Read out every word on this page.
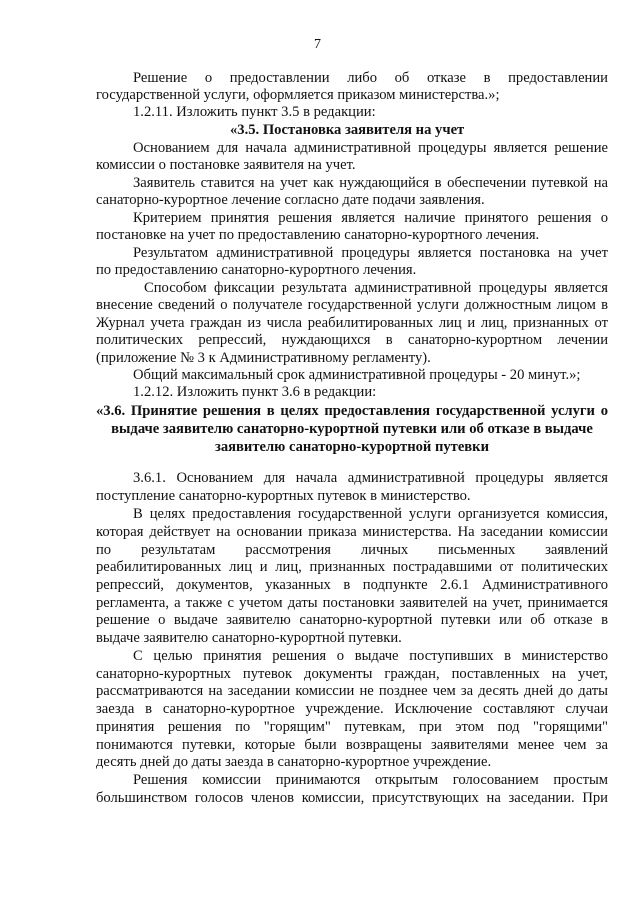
7
Решение о предоставлении либо об отказе в предоставлении
государственной услуги, оформляется приказом министерства.»;
1.2.11. Изложить пункт 3.5 в редакции:
«3.5. Постановка заявителя на учет
Основанием для начала административной процедуры является решение
комиссии о постановке заявителя на учет.
Заявитель ставится на учет как нуждающийся в обеспечении путевкой на
санаторно-курортное лечение согласно дате подачи заявления.
Критерием принятия решения является наличие принятого решения о
постановке на учет по предоставлению санаторно-курортного лечения.
Результатом административной процедуры является постановка на учет
по предоставлению санаторно-курортного лечения.
Способом фиксации результата административной процедуры является
внесение сведений о получателе государственной услуги должностным лицом в
Журнал учета граждан из числа реабилитированных лиц и лиц, признанных от
политических репрессий, нуждающихся в санаторно-курортном лечении
(приложение № 3 к Административному регламенту).
Общий максимальный срок административной процедуры - 20 минут.»;
1.2.12. Изложить пункт 3.6 в редакции:
«3.6. Принятие решения в целях предоставления государственной услуги о
выдаче заявителю санаторно-курортной путевки или об отказе в выдаче
заявителю санаторно-курортной путевки
3.6.1. Основанием для начала административной процедуры является
поступление санаторно-курортных путевок в министерство.
В целях предоставления государственной услуги организуется комиссия,
которая действует на основании приказа министерства. На заседании комиссии
по результатам рассмотрения личных письменных заявлений
реабилитированных лиц и лиц, признанных пострадавшими от политических
репрессий, документов, указанных в подпункте 2.6.1 Административного
регламента, а также с учетом даты постановки заявителей на учет, принимается
решение о выдаче заявителю санаторно-курортной путевки или об отказе в
выдаче заявителю санаторно-курортной путевки.
С целью принятия решения о выдаче поступивших в министерство
санаторно-курортных путевок документы граждан, поставленных на учет,
рассматриваются на заседании комиссии не позднее чем за десять дней до даты
заезда в санаторно-курортное учреждение. Исключение составляют случаи
принятия решения по "горящим" путевкам, при этом под "горящими"
понимаются путевки, которые были возвращены заявителями менее чем за
десять дней до даты заезда в санаторно-курортное учреждение.
Решения комиссии принимаются открытым голосованием простым
большинством голосов членов комиссии, присутствующих на заседании. При
